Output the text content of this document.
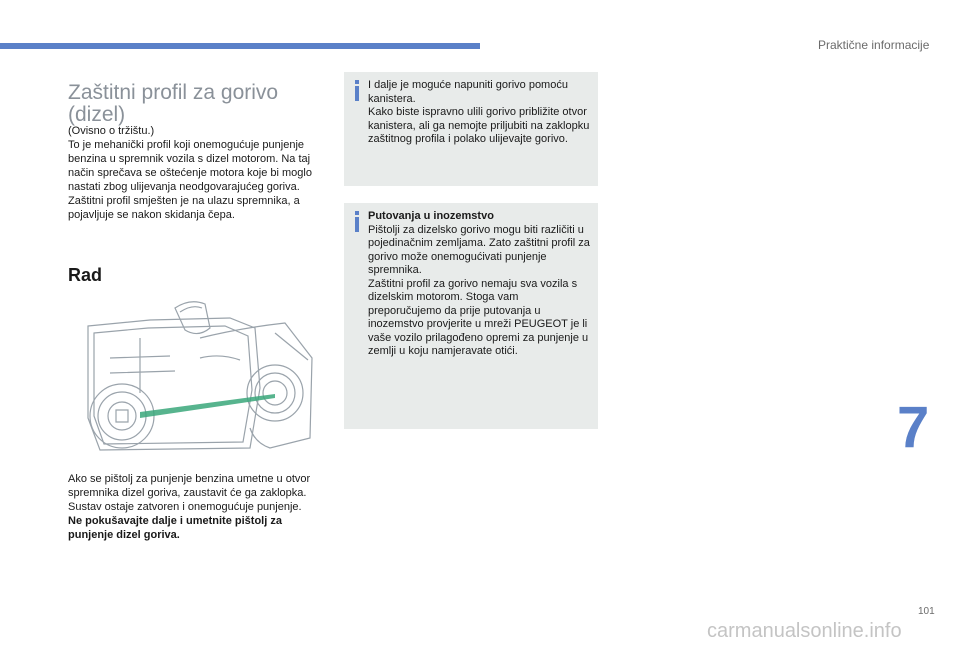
Praktične informacije
Zaštitni profil za gorivo (dizel)

(Ovisno o tržištu.)

To je mehanički profil koji onemogućuje punjenje benzina u spremnik vozila s dizel motorom. Na taj način sprečava se oštećenje motora koje bi moglo nastati zbog ulijevanja neodgovarajućeg goriva.

Zaštitni profil smješten je na ulazu spremnika, a pojavljuje se nakon skidanja čepa.

Rad

Ako se pištolj za punjenje benzina umetne u otvor spremnika dizel goriva, zaustavit će ga zaklopka. Sustav ostaje zatvoren i onemogućuje punjenje.

Ne pokušavajte dalje i umetnite pištolj za punjenje dizel goriva.

I dalje je moguće napuniti gorivo pomoću kanistera.
Kako biste ispravno ulili gorivo približite otvor kanistera, ali ga nemojte priljubiti na zaklopku zaštitnog profila i polako ulijevajte gorivo.

Putovanja u inozemstvo

Pištolji za dizelsko gorivo mogu biti različiti u pojedinačnim zemljama. Zato zaštitni profil za gorivo može onemogućivati punjenje spremnika.
Zaštitni profil za gorivo nemaju sva vozila s dizelskim motorom. Stoga vam preporučujemo da prije putovanja u inozemstvo provjerite u mreži PEUGEOT je li vaše vozilo prilagođeno opremi za punjenje u zemlji u koju namjeravate otići.

7
101
carmanualsonline.info
